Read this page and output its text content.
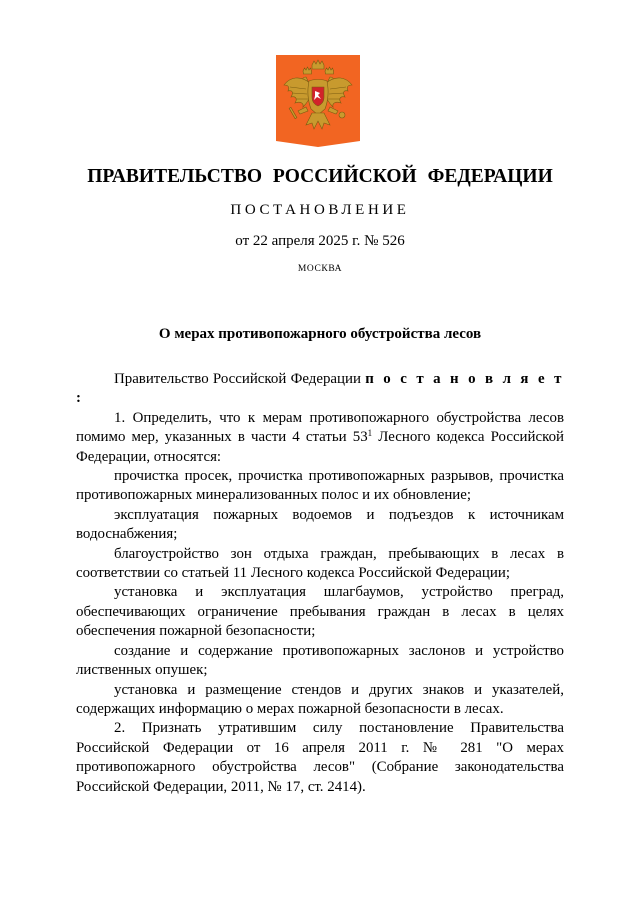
ПРАВИТЕЛЬСТВО РОССИЙСКОЙ ФЕДЕРАЦИИ
ПОСТАНОВЛЕНИЕ
от 22 апреля 2025 г. № 526
МОСКВА
О мерах противопожарного обустройства лесов

Правительство Российской Федерации п о с т а н о в л я е т :

1. Определить, что к мерам противопожарного обустройства лесов помимо мер, указанных в части 4 статьи $53^1$ Лесного кодекса Российской Федерации, относятся:

прочистка просек, прочистка противопожарных разрывов, прочистка противопожарных минерализованных полос и их обновление;

эксплуатация пожарных водоемов и подъездов к источникам водоснабжения;

благоустройство зон отдыха граждан, пребывающих в лесах в соответствии со статьей 11 Лесного кодекса Российской Федерации;

установка и эксплуатация шлагбаумов, устройство преград, обеспечивающих ограничение пребывания граждан в лесах в целях обеспечения пожарной безопасности;

создание и содержание противопожарных заслонов и устройство лиственных опушек;

установка и размещение стендов и других знаков и указателей, содержащих информацию о мерах пожарной безопасности в лесах.

2. Признать утратившим силу постановление Правительства Российской Федерации от 16 апреля 2011 г. № 281 "О мерах противопожарного обустройства лесов" (Собрание законодательства Российской Федерации, 2011, № 17, ст. 2414).
